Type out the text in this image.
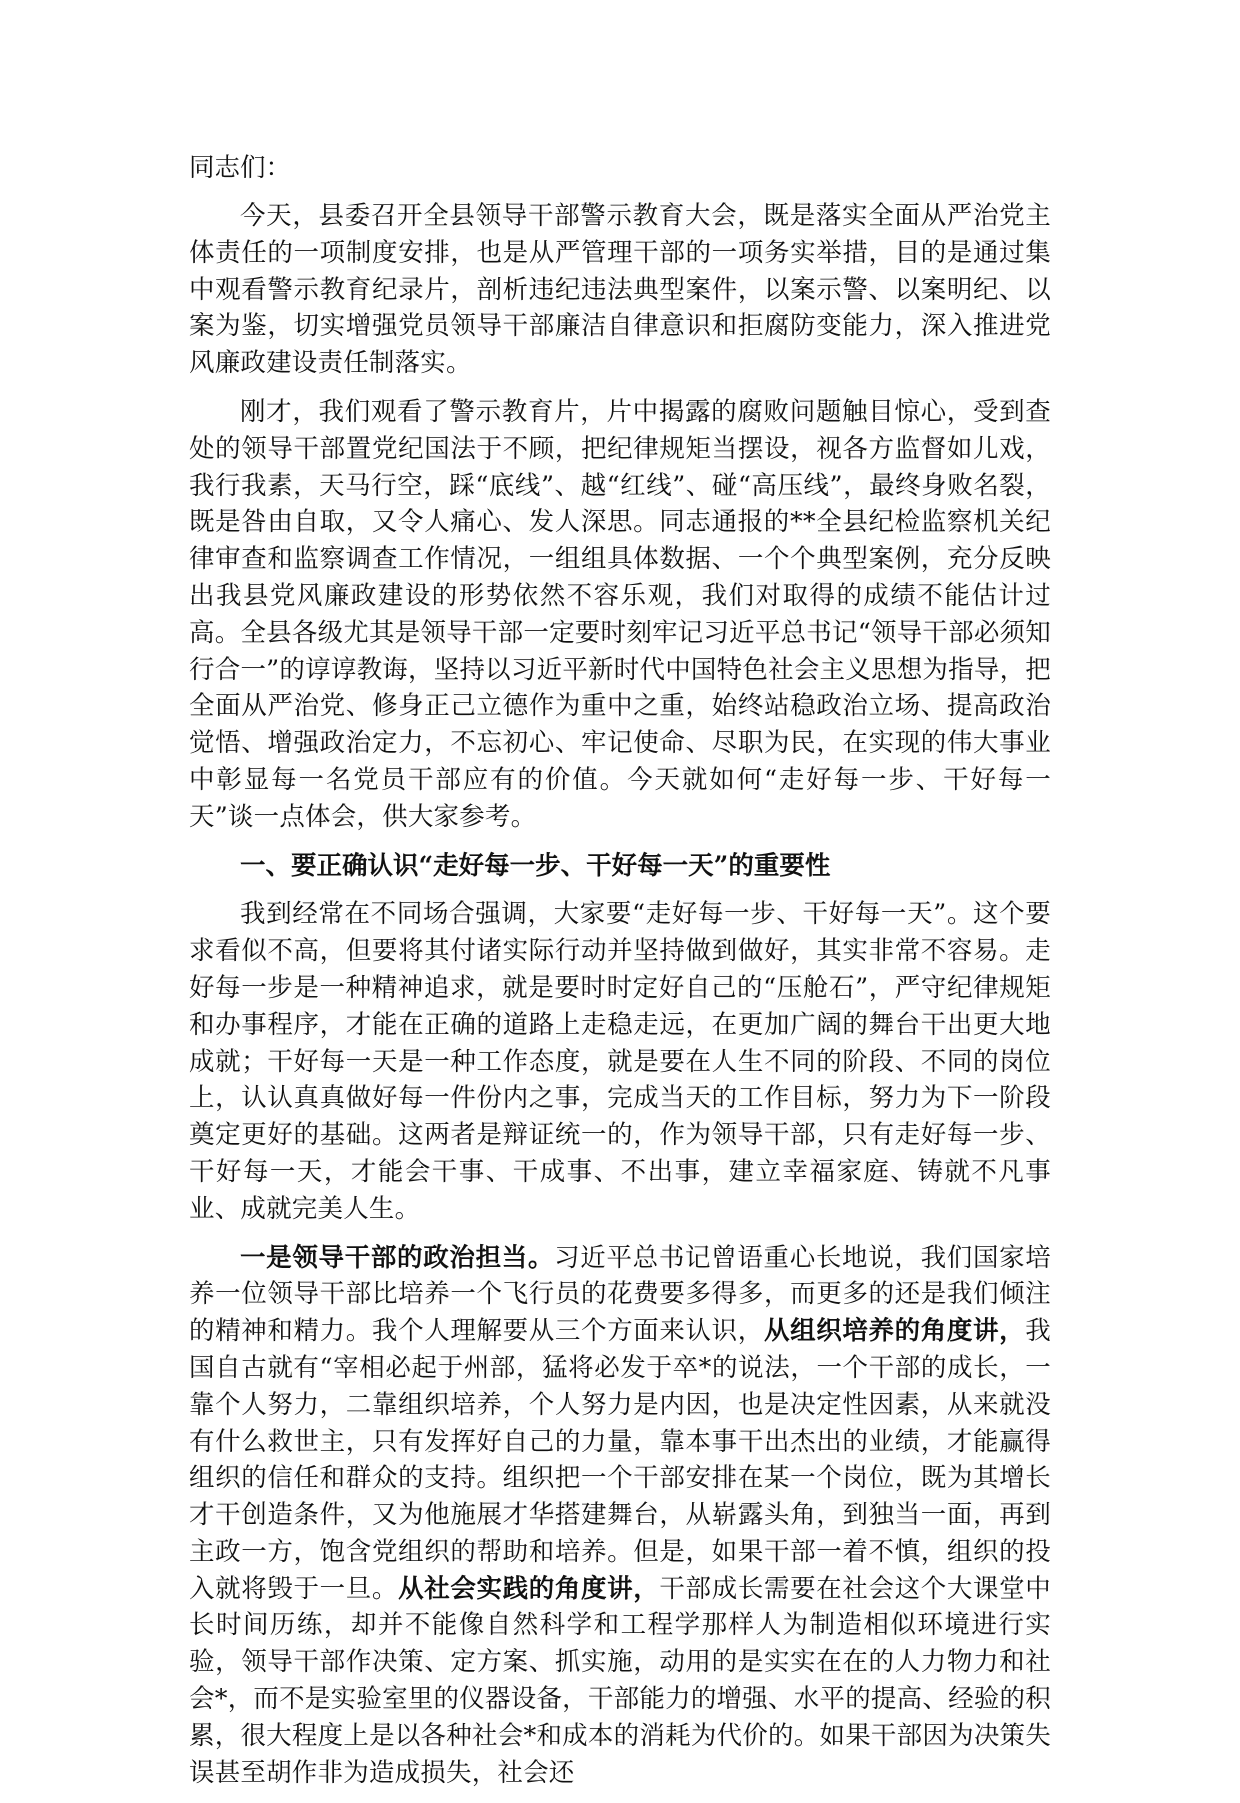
同志们：

今天，县委召开全县领导干部警示教育大会，既是落实全面从严治党主体责任的一项制度安排，也是从严管理干部的一项务实举措，目的是通过集中观看警示教育纪录片，剖析违纪违法典型案件，以案示警、以案明纪、以案为鉴，切实增强党员领导干部廉洁自律意识和拒腐防变能力，深入推进党风廉政建设责任制落实。

刚才，我们观看了警示教育片，片中揭露的腐败问题触目惊心，受到查处的领导干部置党纪国法于不顾，把纪律规矩当摆设，视各方监督如儿戏，我行我素，天马行空，踩“底线”、越“红线”、碰“高压线”，最终身败名裂，既是咎由自取，又令人痛心、发人深思。同志通报的**全县纪检监察机关纪律审查和监察调查工作情况，一组组具体数据、一个个典型案例，充分反映出我县党风廉政建设的形势依然不容乐观，我们对取得的成绩不能估计过高。全县各级尤其是领导干部一定要时刻牢记习近平总书记“领导干部必须知行合一”的谆谆教诲，坚持以习近平新时代中国特色社会主义思想为指导，把全面从严治党、修身正己立德作为重中之重，始终站稳政治立场、提高政治觉悟、增强政治定力，不忘初心、牢记使命、尽职为民，在实现的伟大事业中彰显每一名党员干部应有的价值。今天就如何“走好每一步、干好每一天”谈一点体会，供大家参考。

一、要正确认识“走好每一步、干好每一天”的重要性

我到经常在不同场合强调，大家要“走好每一步、干好每一天”。这个要求看似不高，但要将其付诸实际行动并坚持做到做好，其实非常不容易。走好每一步是一种精神追求，就是要时时定好自己的“压舱石”，严守纪律规矩和办事程序，才能在正确的道路上走稳走远，在更加广阔的舞台干出更大地成就；干好每一天是一种工作态度，就是要在人生不同的阶段、不同的岗位上，认认真真做好每一件份内之事，完成当天的工作目标，努力为下一阶段奠定更好的基础。这两者是辩证统一的，作为领导干部，只有走好每一步、干好每一天，才能会干事、干成事、不出事，建立幸福家庭、铸就不凡事业、成就完美人生。

一是领导干部的政治担当。习近平总书记曾语重心长地说，我们国家培养一位领导干部比培养一个飞行员的花费要多得多，而更多的还是我们倾注的精神和精力。我个人理解要从三个方面来认识，从组织培养的角度讲，我国自古就有“宰相必起于州部，猛将必发于卒*的说法，一个干部的成长，一靠个人努力，二靠组织培养，个人努力是内因，也是决定性因素，从来就没有什么救世主，只有发挥好自己的力量，靠本事干出杰出的业绩，才能赢得组织的信任和群众的支持。组织把一个干部安排在某一个岗位，既为其增长才干创造条件，又为他施展才华搭建舞台，从崭露头角，到独当一面，再到主政一方，饱含党组织的帮助和培养。但是，如果干部一着不慎，组织的投入就将毁于一旦。从社会实践的角度讲，干部成长需要在社会这个大课堂中长时间历练，却并不能像自然科学和工程学那样人为制造相似环境进行实验，领导干部作决策、定方案、抓实施，动用的是实实在在的人力物力和社会*，而不是实验室里的仪器设备，干部能力的增强、水平的提高、经验的积累，很大程度上是以各种社会*和成本的消耗为代价的。如果干部因为决策失误甚至胡作非为造成损失，社会还
